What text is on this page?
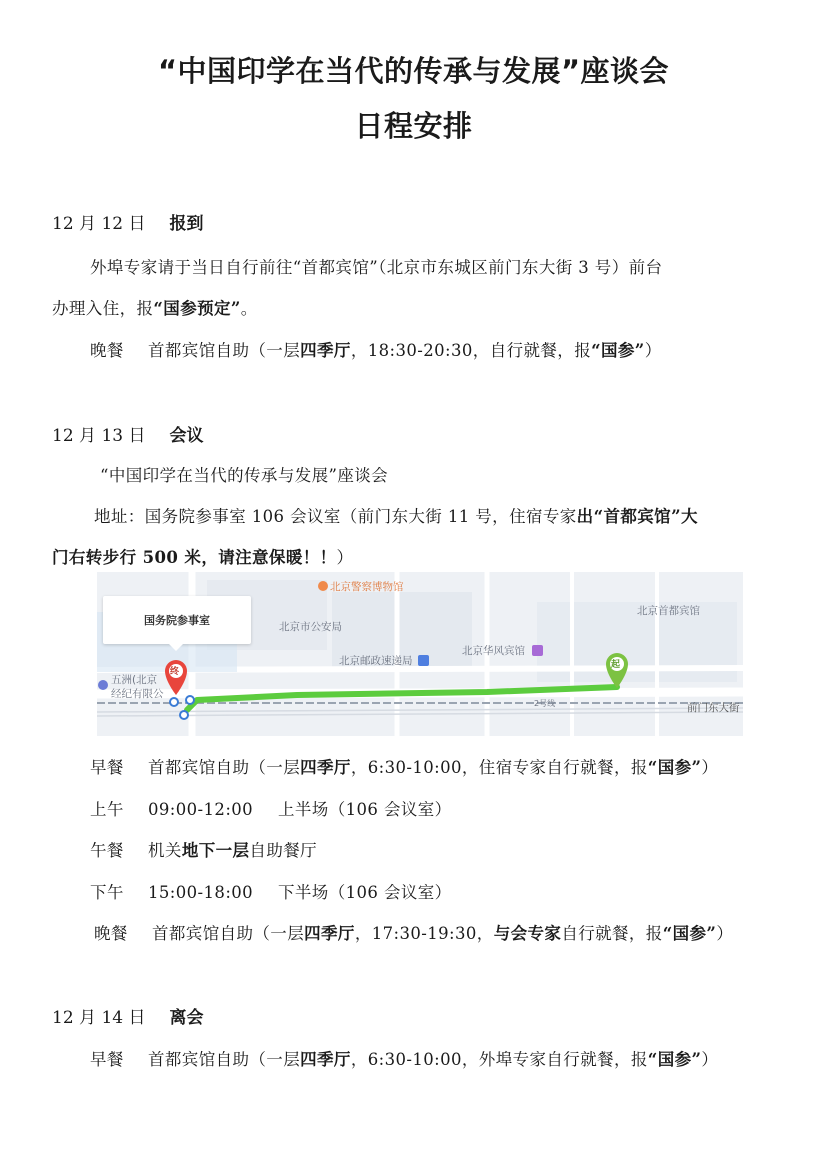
“中国印学在当代的传承与发展”座谈会
日程安排
12 月 12 日 报到
外埠专家请于当日自行前往“首都宾馆”（北京市东城区前门东大街 3 号）前台
办理入住，报“国参预定”。
晚餐 首都宾馆自助（一层四季厅，18:30-20:30，自行就餐，报“国参”）
12 月 13 日 会议
“中国印学在当代的传承与发展”座谈会
地址：国务院参事室 106 会议室（前门东大街 11 号，住宿专家出“首都宾馆”大
门右转步行 500 米，请注意保暖！！）
国务院参事室
北京警察博物馆
北京市公安局
北京首都宾馆
北京邮政速递局
北京华风宾馆
五洲(北京
经纪有限公
前门东大街
2号线
起
终
早餐 首都宾馆自助（一层四季厅，6:30-10:00，住宿专家自行就餐，报“国参”）
上午 09:00-12:00 上半场（106 会议室）
午餐 机关地下一层自助餐厅
下午 15:00-18:00 下半场（106 会议室）
晚餐 首都宾馆自助（一层四季厅，17:30-19:30，与会专家自行就餐，报“国参”）
12 月 14 日 离会
早餐 首都宾馆自助（一层四季厅，6:30-10:00，外埠专家自行就餐，报“国参”）
